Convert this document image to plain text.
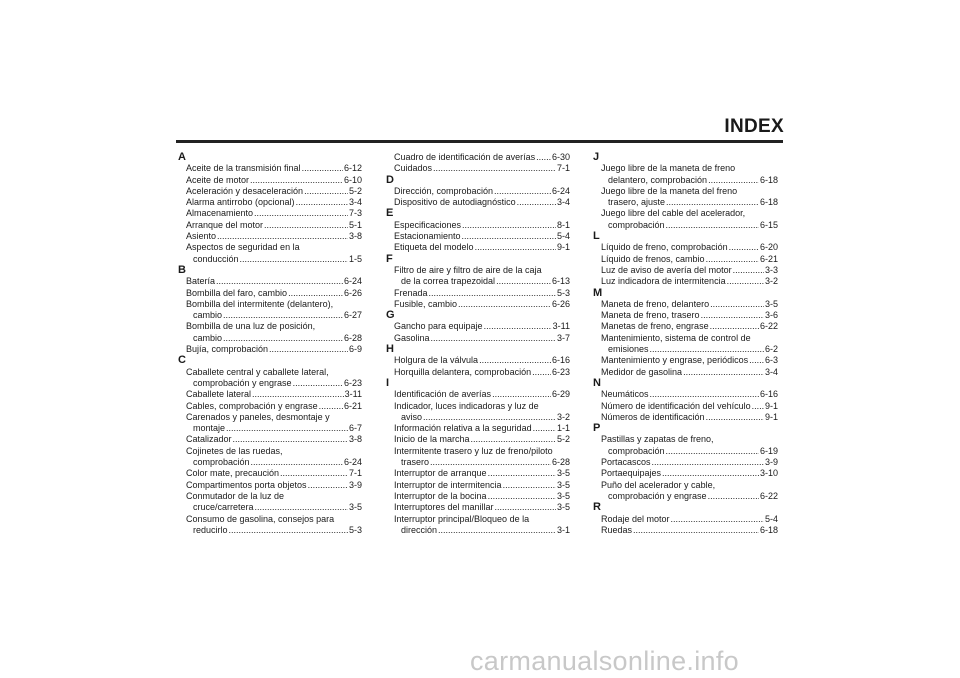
INDEX
A
Aceite de la transmisión final .....	6-12
Aceite de motor .....	6-10
Aceleración y desaceleración .....	5-2
Alarma antirrobo (opcional) .....	3-4
Almacenamiento .....	7-3
Arranque del motor .....	5-1
Asiento .....	3-8
Aspectos de seguridad en la
conducción .....	1-5
B
Batería .....	6-24
Bombilla del faro, cambio .....	6-26
Bombilla del intermitente (delantero),
cambio .....	6-27
Bombilla de una luz de posición,
cambio .....	6-28
Bujía, comprobación .....	6-9
C
Caballete central y caballete lateral,
comprobación y engrase .....	6-23
Caballete lateral .....	3-11
Cables, comprobación y engrase .....	6-21
Carenados y paneles, desmontaje y
montaje .....	6-7
Catalizador .....	3-8
Cojinetes de las ruedas,
comprobación .....	6-24
Color mate, precaución .....	7-1
Compartimentos porta objetos .....	3-9
Conmutador de la luz de
cruce/carretera .....	3-5
Consumo de gasolina, consejos para
reducirlo .....	5-3
Cuadro de identificación de averías ..... 6-30
Cuidados .....	7-1
D
Dirección, comprobación .....	6-24
Dispositivo de autodiagnóstico .....	3-4
E
Especificaciones .....	8-1
Estacionamiento .....	5-4
Etiqueta del modelo .....	9-1
F
Filtro de aire y filtro de aire de la caja
de la correa trapezoidal .....	6-13
Frenada .....	5-3
Fusible, cambio .....	6-26
G
Gancho para equipaje .....	3-11
Gasolina .....	3-7
H
Holgura de la válvula .....	6-16
Horquilla delantera, comprobación ..... 6-23
I
Identificación de averías .....	6-29
Indicador, luces indicadoras y luz de
aviso .....	3-2
Información relativa a la seguridad .....	1-1
Inicio de la marcha .....	5-2
Intermitente trasero y luz de freno/piloto
trasero .....	6-28
Interruptor de arranque .....	3-5
Interruptor de intermitencia .....	3-5
Interruptor de la bocina .....	3-5
Interruptores del manillar .....	3-5
Interruptor principal/Bloqueo de la
dirección .....	3-1
J
Juego libre de la maneta de freno
delantero, comprobación .....	6-18
Juego libre de la maneta del freno
trasero, ajuste .....	6-18
Juego libre del cable del acelerador,
comprobación .....	6-15
L
Líquido de freno, comprobación .....	6-20
Líquido de frenos, cambio .....	6-21
Luz de aviso de avería del motor .....	3-3
Luz indicadora de intermitencia .....	3-2
M
Maneta de freno, delantero .....	3-5
Maneta de freno, trasero .....	3-6
Manetas de freno, engrase .....	6-22
Mantenimiento, sistema de control de
emisiones .....	6-2
Mantenimiento y engrase, periódicos ..... 6-3
Medidor de gasolina .....	3-4
N
Neumáticos .....	6-16
Número de identificación del vehículo ..... 9-1
Números de identificación .....	9-1
P
Pastillas y zapatas de freno,
comprobación .....	6-19
Portacascos .....	3-9
Portaequipajes .....	3-10
Puño del acelerador y cable,
comprobación y engrase .....	6-22
R
Rodaje del motor .....	5-4
Ruedas .....	6-18
carmanualsonline.info
